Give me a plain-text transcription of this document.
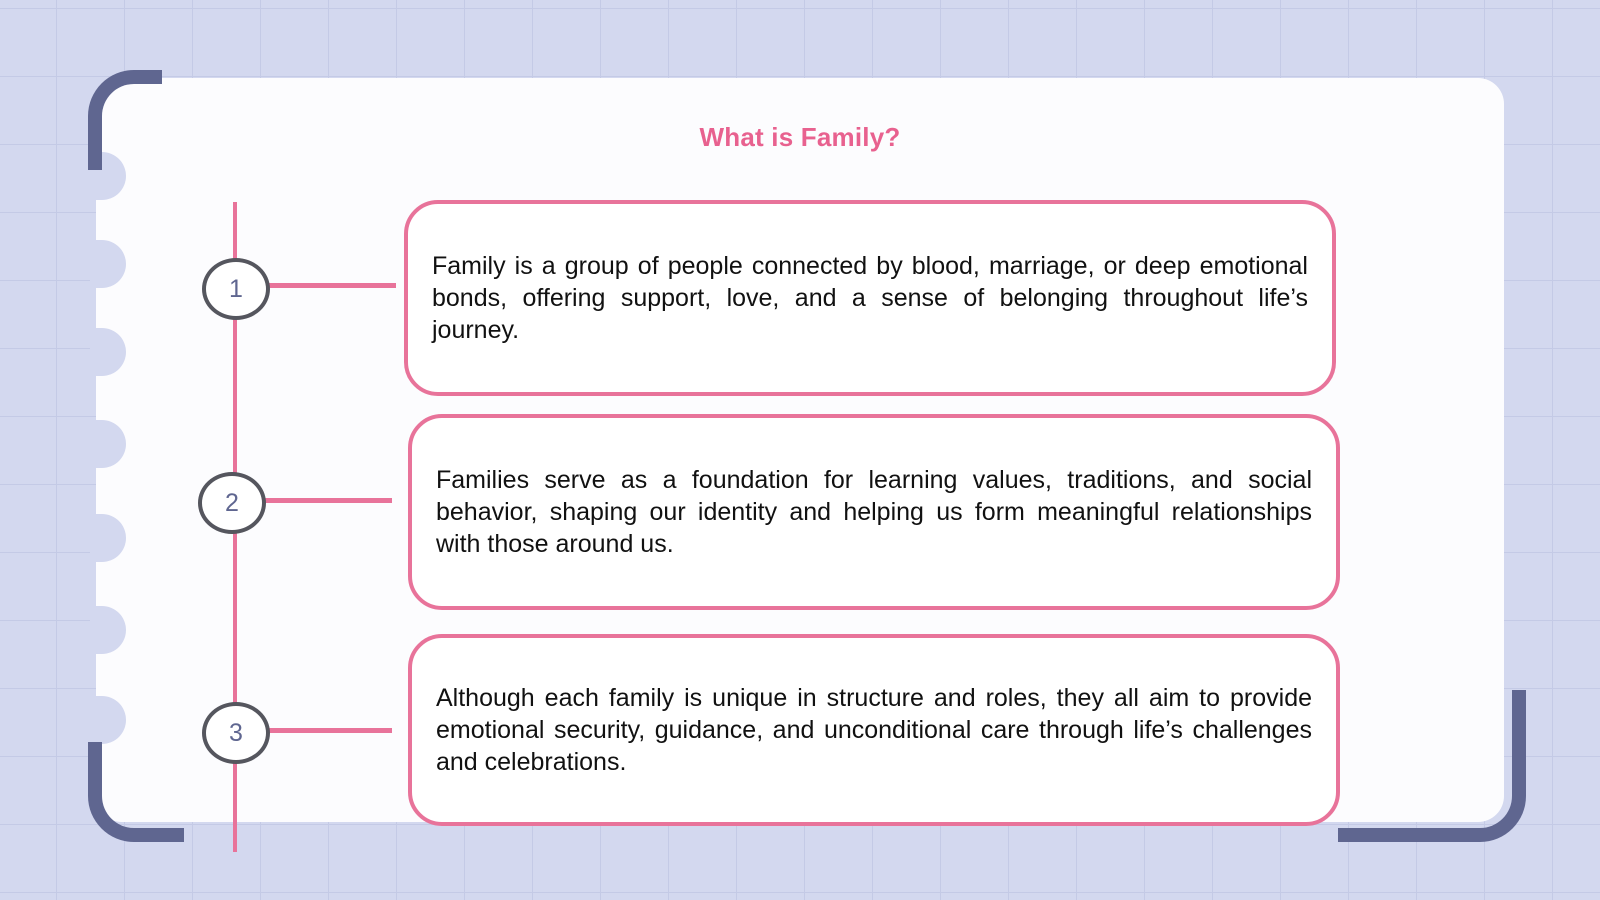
What is Family?
1

Family is a group of people connected by blood, marriage, or deep emotional bonds, offering support, love, and a sense of belonging throughout life’s journey.

2

Families serve as a foundation for learning values, traditions, and social behavior, shaping our identity and helping us form meaningful relationships with those around us.

3

Although each family is unique in structure and roles, they all aim to provide emotional security, guidance, and unconditional care through life’s challenges and celebrations.
